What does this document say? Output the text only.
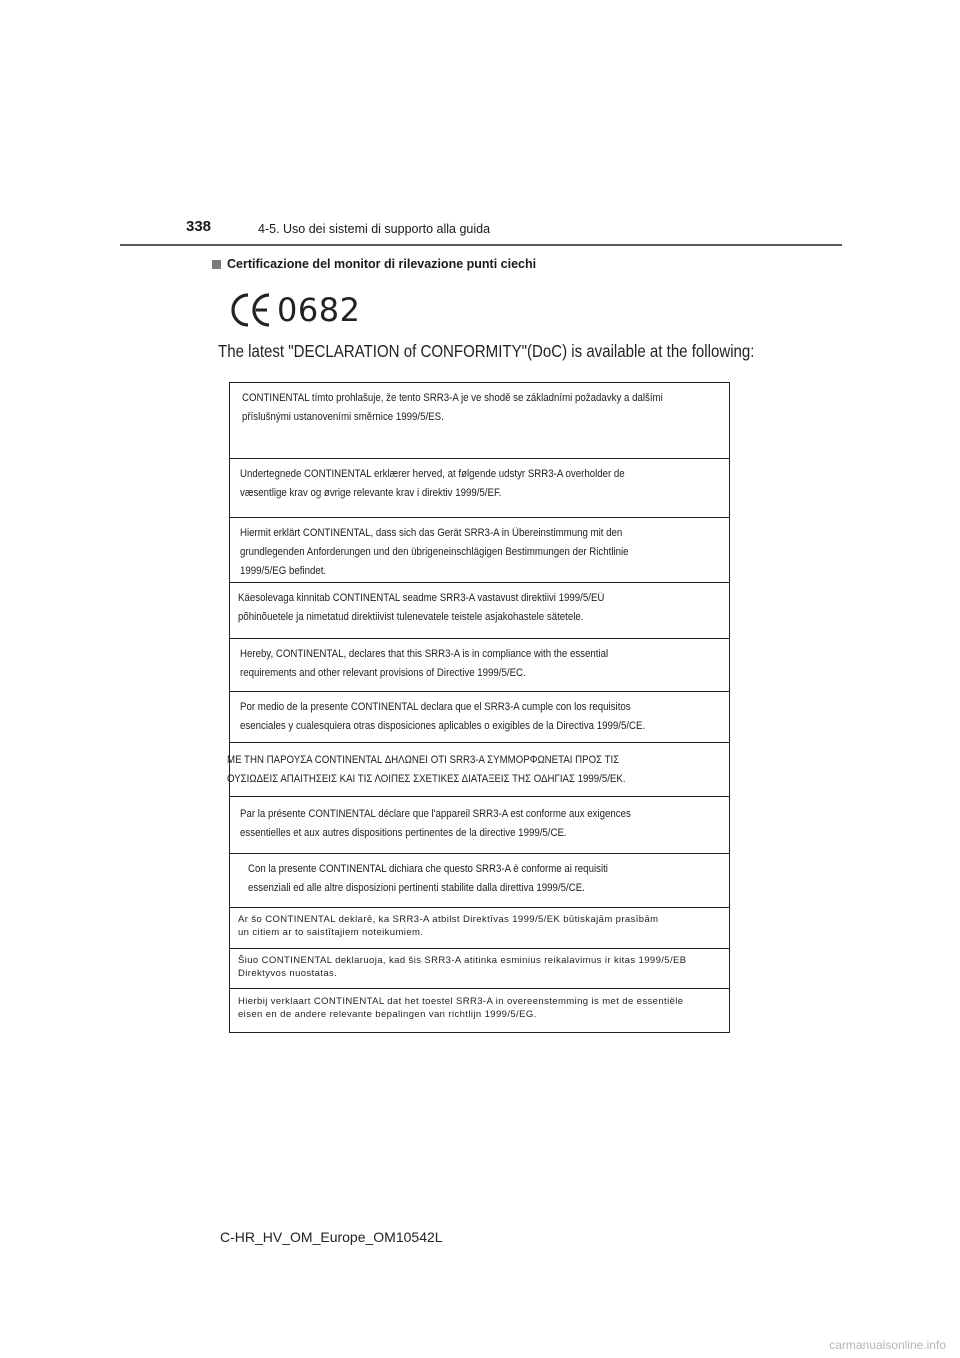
338	4-5. Uso dei sistemi di supporto alla guida
Certificazione del monitor di rilevazione punti ciechi
0682
The latest "DECLARATION of CONFORMITY"(DoC) is available at the following:
CONTINENTAL tímto prohlašuje, že tento SRR3-A je ve shodě se základními požadavky a dalšími
příslušnými ustanoveními směrnice 1999/5/ES.
Undertegnede CONTINENTAL erklærer herved, at følgende udstyr SRR3-A overholder de
væsentlige krav og øvrige relevante krav i direktiv 1999/5/EF.
Hiermit erklärt CONTINENTAL, dass sich das Gerät SRR3-A in Übereinstimmung mit den
grundlegenden Anforderungen und den übrigeneinschlägigen Bestimmungen der Richtlinie
1999/5/EG befindet.
Käesolevaga kinnitab CONTINENTAL seadme SRR3-A vastavust direktiivi 1999/5/EÜ
põhinõuetele ja nimetatud direktiivist tulenevatele teistele asjakohastele sätetele.
Hereby, CONTINENTAL, declares that this SRR3-A is in compliance with the essential
requirements and other relevant provisions of Directive 1999/5/EC.
Por medio de la presente CONTINENTAL declara que el SRR3-A cumple con los requisitos
esenciales y cualesquiera otras disposiciones aplicables o exigibles de la Directiva 1999/5/CE.
ΜΕ ΤΗΝ ΠΑΡΟΥΣΑ CONTINENTAL ΔΗΛΩΝΕΙ ΟΤΙ SRR3-A ΣΥΜΜΟΡΦΩΝΕΤΑΙ ΠΡΟΣ ΤΙΣ
ΟΥΣΙΩΔΕΙΣ ΑΠΑΙΤΗΣΕΙΣ ΚΑΙ ΤΙΣ ΛΟΙΠΕΣ ΣΧΕΤΙΚΕΣ ΔΙΑΤΑΞΕΙΣ ΤΗΣ ΟΔΗΓΙΑΣ 1999/5/ΕΚ.
Par la présente CONTINENTAL déclare que l'appareil SRR3-A est conforme aux exigences
essentielles et aux autres dispositions pertinentes de la directive 1999/5/CE.
Con la presente CONTINENTAL dichiara che questo SRR3-A è conforme ai requisiti
essenziali ed alle altre disposizioni pertinenti stabilite dalla direttiva 1999/5/CE.
Ar šo CONTINENTAL deklarē, ka SRR3-A atbilst Direktīvas 1999/5/EK būtiskajām prasībām
un citiem ar to saistītajiem noteikumiem.
Šiuo CONTINENTAL deklaruoja, kad šis SRR3-A atitinka esminius reikalavimus ir kitas 1999/5/EB
Direktyvos nuostatas.
Hierbij verklaart CONTINENTAL dat het toestel SRR3-A in overeenstemming is met de essentiële
eisen en de andere relevante bepalingen van richtlijn 1999/5/EG.
C-HR_HV_OM_Europe_OM10542L
carmanualsonline.info
